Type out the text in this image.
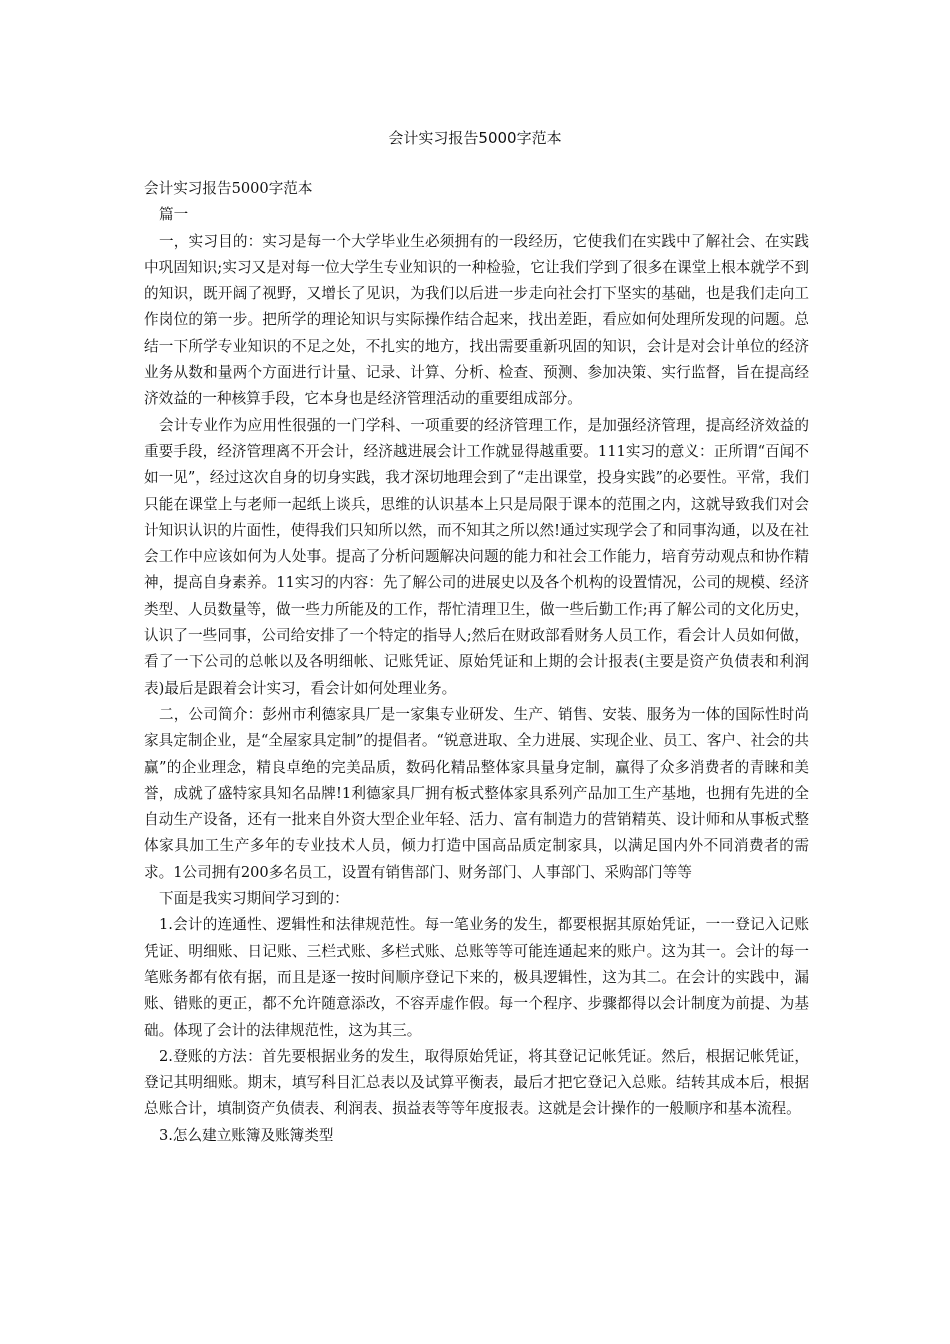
会计实习报告5000字范本

会计实习报告5000字范本

篇一

一，实习目的：实习是每一个大学毕业生必须拥有的一段经历，它使我们在实践中了解社会、在实践中巩固知识;实习又是对每一位大学生专业知识的一种检验，它让我们学到了很多在课堂上根本就学不到的知识，既开阔了视野，又增长了见识，为我们以后进一步走向社会打下坚实的基础，也是我们走向工作岗位的第一步。把所学的理论知识与实际操作结合起来，找出差距，看应如何处理所发现的问题。总结一下所学专业知识的不足之处，不扎实的地方，找出需要重新巩固的知识，会计是对会计单位的经济业务从数和量两个方面进行计量、记录、计算、分析、检查、预测、参加决策、实行监督，旨在提高经济效益的一种核算手段，它本身也是经济管理活动的重要组成部分。

会计专业作为应用性很强的一门学科、一项重要的经济管理工作，是加强经济管理，提高经济效益的重要手段，经济管理离不开会计，经济越进展会计工作就显得越重要。111实习的意义：正所谓“百闻不如一见”，经过这次自身的切身实践，我才深切地理会到了“走出课堂，投身实践”的必要性。平常，我们只能在课堂上与老师一起纸上谈兵，思维的认识基本上只是局限于课本的范围之内，这就导致我们对会计知识认识的片面性，使得我们只知所以然，而不知其之所以然!通过实现学会了和同事沟通，以及在社会工作中应该如何为人处事。提高了分析问题解决问题的能力和社会工作能力，培育劳动观点和协作精神，提高自身素养。11实习的内容：先了解公司的进展史以及各个机构的设置情况，公司的规模、经济类型、人员数量等，做一些力所能及的工作，帮忙清理卫生，做一些后勤工作;再了解公司的文化历史，认识了一些同事，公司给安排了一个特定的指导人;然后在财政部看财务人员工作，看会计人员如何做，看了一下公司的总帐以及各明细帐、记账凭证、原始凭证和上期的会计报表(主要是资产负债表和利润表)最后是跟着会计实习，看会计如何处理业务。

二，公司简介：彭州市利德家具厂是一家集专业研发、生产、销售、安装、服务为一体的国际性时尚家具定制企业，是“全屋家具定制”的提倡者。“锐意进取、全力进展、实现企业、员工、客户、社会的共赢”的企业理念，精良卓绝的完美品质，数码化精品整体家具量身定制，赢得了众多消费者的青睐和美誉，成就了盛特家具知名品牌!1利德家具厂拥有板式整体家具系列产品加工生产基地，也拥有先进的全自动生产设备，还有一批来自外资大型企业年轻、活力、富有制造力的营销精英、设计师和从事板式整体家具加工生产多年的专业技术人员，倾力打造中国高品质定制家具，以满足国内外不同消费者的需求。1公司拥有200多名员工，设置有销售部门、财务部门、人事部门、采购部门等等

下面是我实习期间学习到的：

1.会计的连通性、逻辑性和法律规范性。每一笔业务的发生，都要根据其原始凭证，一一登记入记账凭证、明细账、日记账、三栏式账、多栏式账、总账等等可能连通起来的账户。这为其一。会计的每一笔账务都有依有据，而且是逐一按时间顺序登记下来的，极具逻辑性，这为其二。在会计的实践中，漏账、错账的更正，都不允许随意添改，不容弄虚作假。每一个程序、步骤都得以会计制度为前提、为基础。体现了会计的法律规范性，这为其三。

2.登账的方法：首先要根据业务的发生，取得原始凭证，将其登记记帐凭证。然后，根据记帐凭证，登记其明细账。期末，填写科目汇总表以及试算平衡表，最后才把它登记入总账。结转其成本后，根据总账合计，填制资产负债表、利润表、损益表等等年度报表。这就是会计操作的一般顺序和基本流程。

3.怎么建立账簿及账簿类型
